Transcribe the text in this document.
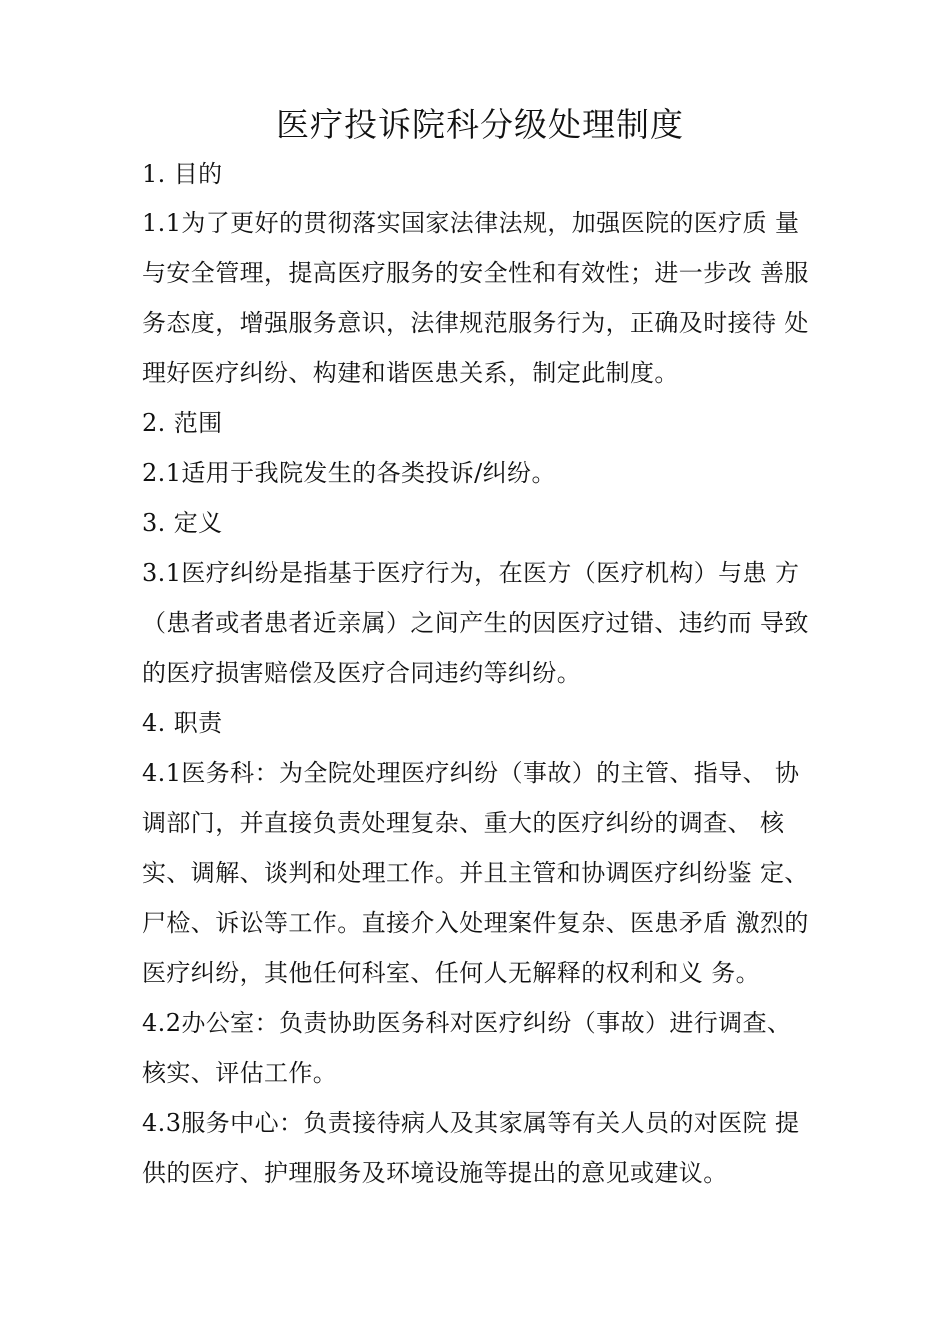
医疗投诉院科分级处理制度
1. 目的
1.1为了更好的贯彻落实国家法律法规，加强医院的医疗质 量
与安全管理，提高医疗服务的安全性和有效性；进一步改 善服
务态度，增强服务意识，法律规范服务行为，正确及时接待 处
理好医疗纠纷、构建和谐医患关系，制定此制度。
2. 范围
2.1适用于我院发生的各类投诉/纠纷。
3. 定义
3.1医疗纠纷是指基于医疗行为，在医方（医疗机构）与患 方
（患者或者患者近亲属）之间产生的因医疗过错、违约而 导致
的医疗损害赔偿及医疗合同违约等纠纷。
4. 职责
4.1医务科：为全院处理医疗纠纷（事故）的主管、指导、 协
调部门，并直接负责处理复杂、重大的医疗纠纷的调查、 核
实、调解、谈判和处理工作。并且主管和协调医疗纠纷鉴 定、
尸检、诉讼等工作。直接介入处理案件复杂、医患矛盾 激烈的
医疗纠纷，其他任何科室、任何人无解释的权利和义 务。
4.2办公室：负责协助医务科对医疗纠纷（事故）进行调查、
核实、评估工作。
4.3服务中心：负责接待病人及其家属等有关人员的对医院 提
供的医疗、护理服务及环境设施等提出的意见或建议。
